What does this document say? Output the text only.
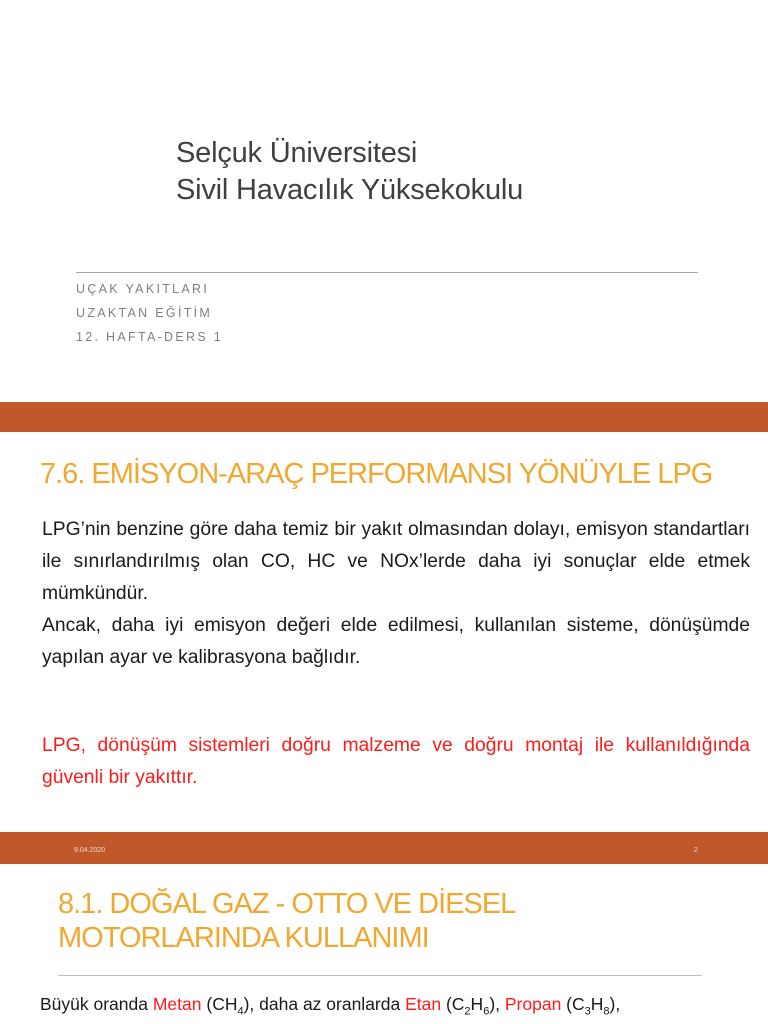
Selçuk Üniversitesi
Sivil Havacılık Yüksekokulu
UÇAK YAKITLARI
UZAKTAN EĞİTİM
12. HAFTA-DERS 1
7.6. EMİSYON-ARAÇ PERFORMANSI YÖNÜYLE LPG

LPG’nin benzine göre daha temiz bir yakıt olmasından dolayı, emisyon standartları ile sınırlandırılmış olan CO, HC ve NOx’lerde daha iyi sonuçlar elde etmek mümkündür.

Ancak, daha iyi emisyon değeri elde edilmesi, kullanılan sisteme, dönüşümde yapılan ayar ve kalibrasyona bağlıdır.

LPG, dönüşüm sistemleri doğru malzeme ve doğru montaj ile kullanıldığında güvenli bir yakıttır.

9.04.2020	2
8.1. DOĞAL GAZ - OTTO VE DİESEL
MOTORLARINDA KULLANIMI
Büyük oranda Metan $(CH_4)$, daha az oranlarda Etan $(C_2H_6)$, Propan $(C_3H_8)$,
